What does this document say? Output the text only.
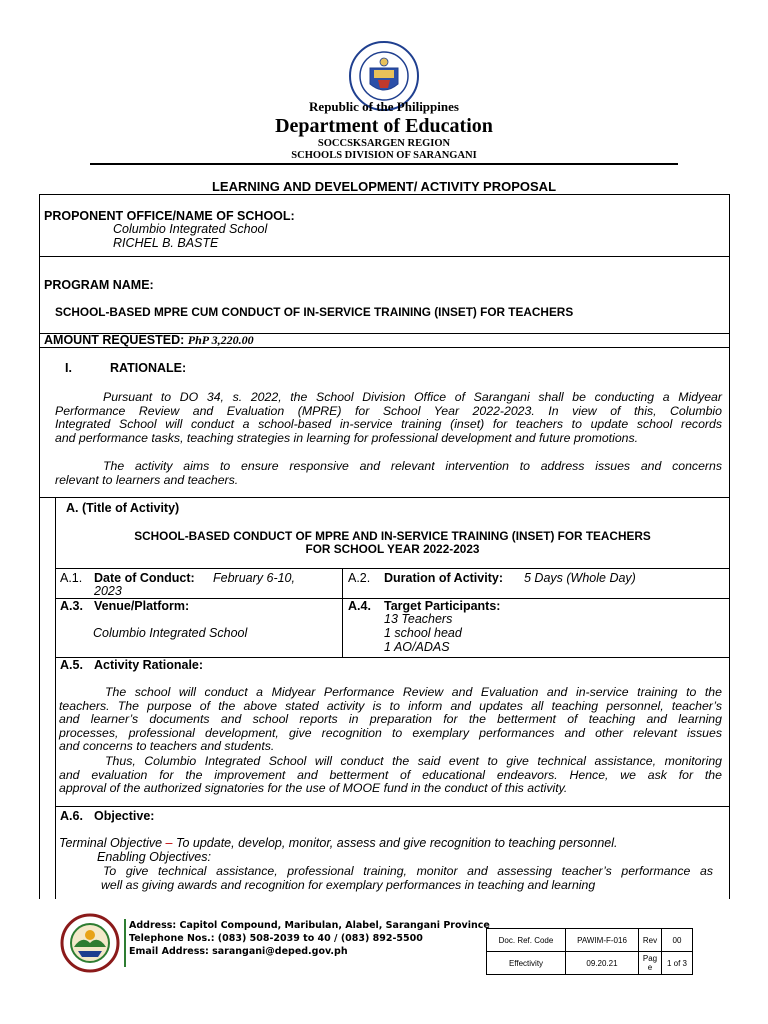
Republic of the Philippines
Department of Education
SOCCSKSARGEN REGION
SCHOOLS DIVISION OF SARANGANI
LEARNING AND DEVELOPMENT/ ACTIVITY PROPOSAL
PROPONENT OFFICE/NAME OF SCHOOL:
Columbio Integrated School
RICHEL B. BASTE
PROGRAM NAME:
SCHOOL-BASED MPRE CUM CONDUCT OF IN-SERVICE TRAINING (INSET) FOR TEACHERS
AMOUNT REQUESTED: PhP 3,220.00
I.	RATIONALE:
Pursuant to DO 34, s. 2022, the School Division Office of Sarangani shall be conducting a Midyear
Performance Review and Evaluation (MPRE) for School Year 2022-2023. In view of this, Columbio
Integrated School will conduct a school-based in-service training (inset) for teachers to update school records
and performance tasks, teaching strategies in learning for professional development and future promotions.
The activity aims to ensure responsive and relevant intervention to address issues and concerns
relevant to learners and teachers.
A. (Title of Activity)
SCHOOL-BASED CONDUCT OF MPRE AND IN-SERVICE TRAINING (INSET) FOR TEACHERS
FOR SCHOOL YEAR 2022-2023
A.1. Date of Conduct: February 6-10,
2023
A.2. Duration of Activity: 5 Days (Whole Day)
A.3. Venue/Platform:
Columbio Integrated School
A.4. Target Participants:
13 Teachers
1 school head
1 AO/ADAS
A.5. Activity Rationale:
The school will conduct a Midyear Performance Review and Evaluation and in-service training to the
teachers. The purpose of the above stated activity is to inform and updates all teaching personnel, teacher’s
and learner’s documents and school reports in preparation for the betterment of teaching and learning
processes, professional development, give recognition to exemplary performances and other relevant issues
and concerns to teachers and students.
Thus, Columbio Integrated School will conduct the said event to give technical assistance, monitoring
and evaluation for the improvement and betterment of educational endeavors. Hence, we ask for the
approval of the authorized signatories for the use of MOOE fund in the conduct of this activity.
A.6. Objective:
Terminal Objective – To update, develop, monitor, assess and give recognition to teaching personnel.
Enabling Objectives:
To give technical assistance, professional training, monitor and assessing teacher’s performance as
well as giving awards and recognition for exemplary performances in teaching and learning
Address: Capitol Compound, Maribulan, Alabel, Sarangani Province
Telephone Nos.: (083) 508-2039 to 40 / (083) 892-5500
Email Address: sarangani@deped.gov.ph
Doc. Ref. Code	PAWIM-F-016	Rev	00
Effectivity	09.20.21	Page	1 of 3
